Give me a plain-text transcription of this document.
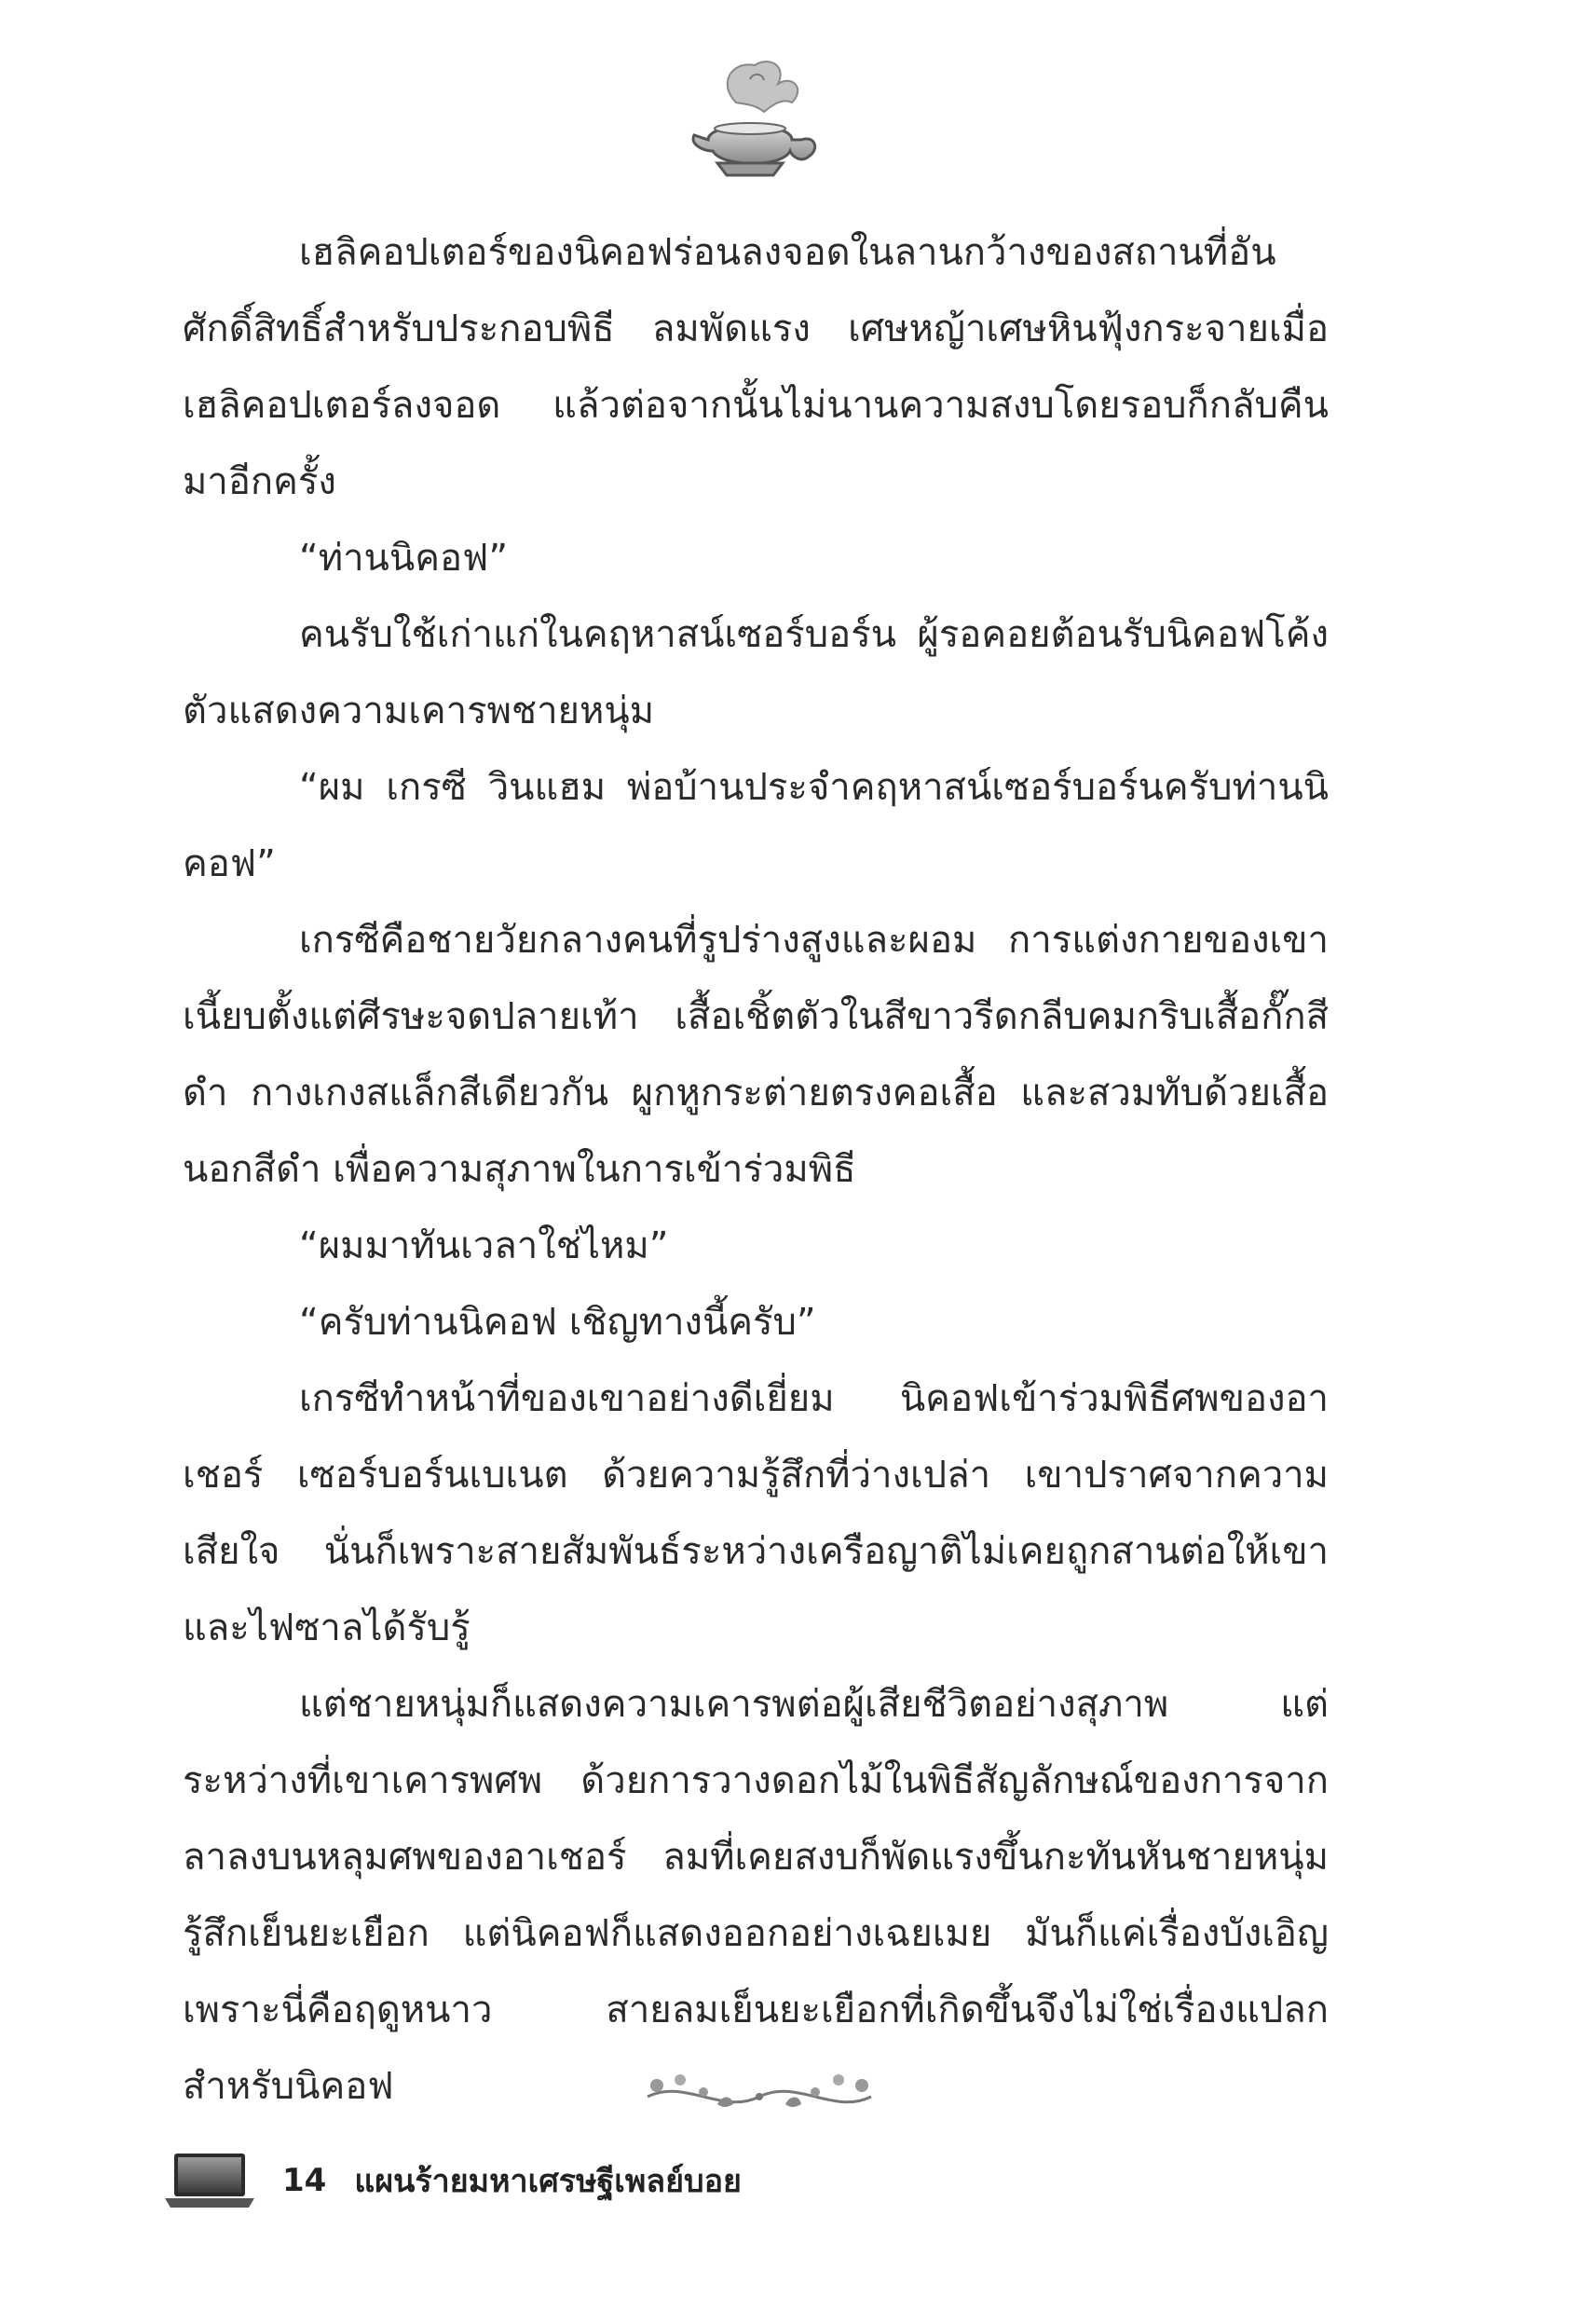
เฮลิคอปเตอร์ของนิคอฟร่อนลงจอดในลานกว้างของสถานที่อันศักดิ์สิทธิ์สำหรับประกอบพิธี ลมพัดแรง เศษหญ้าเศษหินฟุ้งกระจายเมื่อเฮลิคอปเตอร์ลงจอด แล้วต่อจากนั้นไม่นานความสงบโดยรอบก็กลับคืนมาอีกครั้ง

“ท่านนิคอฟ”

คนรับใช้เก่าแก่ในคฤหาสน์เซอร์บอร์น ผู้รอคอยต้อนรับนิคอฟโค้งตัวแสดงความเคารพชายหนุ่ม

“ผม เกรซี วินแฮม พ่อบ้านประจำคฤหาสน์เซอร์บอร์นครับท่านนิคอฟ”

เกรซีคือชายวัยกลางคนที่รูปร่างสูงและผอม การแต่งกายของเขาเนี้ยบตั้งแต่ศีรษะจดปลายเท้า เสื้อเชิ้ตตัวในสีขาวรีดกลีบคมกริบเสื้อกั๊กสีดำ กางเกงสแล็กสีเดียวกัน ผูกหูกระต่ายตรงคอเสื้อ และสวมทับด้วยเสื้อนอกสีดำ เพื่อความสุภาพในการเข้าร่วมพิธี

“ผมมาทันเวลาใช่ไหม”

“ครับท่านนิคอฟ เชิญทางนี้ครับ”

เกรซีทำหน้าที่ของเขาอย่างดีเยี่ยม นิคอฟเข้าร่วมพิธีศพของอาเชอร์ เซอร์บอร์นเบเนต ด้วยความรู้สึกที่ว่างเปล่า เขาปราศจากความเสียใจ นั่นก็เพราะสายสัมพันธ์ระหว่างเครือญาติไม่เคยถูกสานต่อให้เขาและไฟซาลได้รับรู้

แต่ชายหนุ่มก็แสดงความเคารพต่อผู้เสียชีวิตอย่างสุภาพ แต่ระหว่างที่เขาเคารพศพ ด้วยการวางดอกไม้ในพิธีสัญลักษณ์ของการจากลาลงบนหลุมศพของอาเชอร์ ลมที่เคยสงบก็พัดแรงขึ้นกะทันหันชายหนุ่มรู้สึกเย็นยะเยือก แต่นิคอฟก็แสดงออกอย่างเฉยเมย มันก็แค่เรื่องบังเอิญ เพราะนี่คือฤดูหนาว สายลมเย็นยะเยือกที่เกิดขึ้นจึงไม่ใช่เรื่องแปลกสำหรับนิคอฟ

14 แผนร้ายมหาเศรษฐีเพลย์บอย
